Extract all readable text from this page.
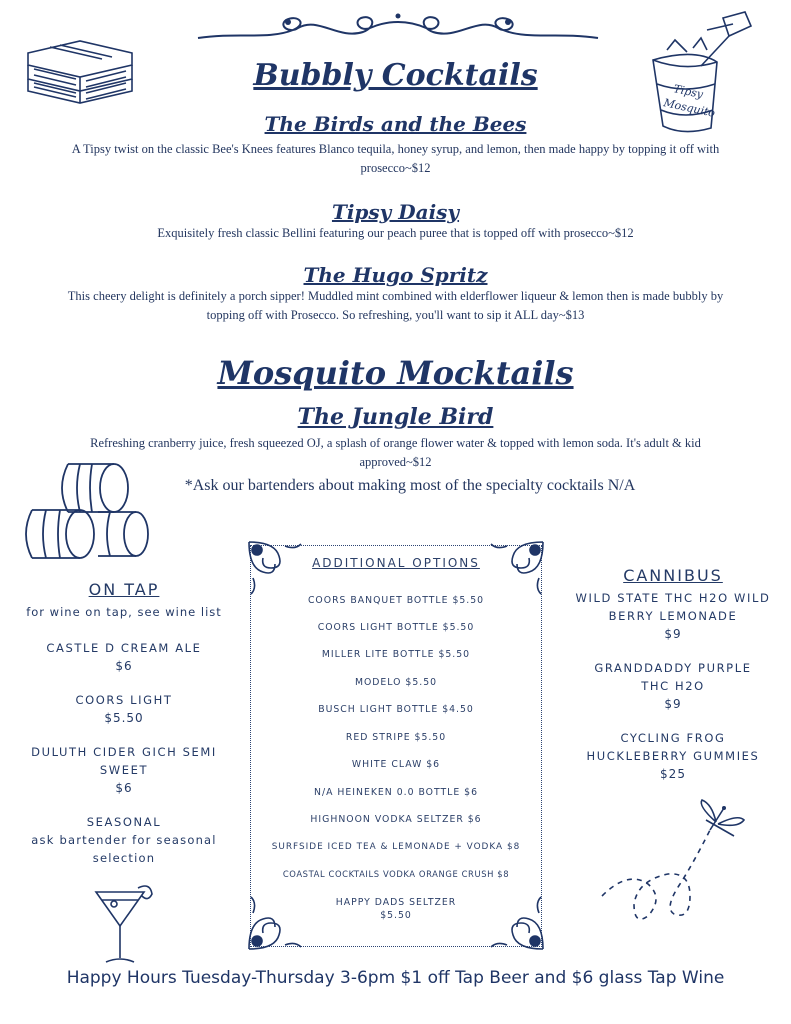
Tipsy
Mosquito
Bubbly Cocktails
The Birds and the Bees
A Tipsy twist on the classic Bee's Knees features Blanco tequila, honey syrup, and lemon, then made happy by topping it off with
prosecco~$12
Tipsy Daisy
Exquisitely fresh classic Bellini featuring our peach puree that is topped off with prosecco~$12
The Hugo Spritz
This cheery delight is definitely a porch sipper! Muddled mint combined with elderflower liqueur & lemon then is made bubbly by
topping off with Prosecco. So refreshing, you'll want to sip it ALL day~$13
Mosquito Mocktails
The Jungle Bird
Refreshing cranberry juice, fresh squeezed OJ, a splash of orange flower water & topped with lemon soda. It's adult & kid
approved~$12
*Ask our bartenders about making most of the specialty cocktails N/A
ON TAP
for wine on tap, see wine list
CASTLE D CREAM ALE
$6
COORS LIGHT
$5.50
DULUTH CIDER GICH SEMI
SWEET
$6
SEASONAL
ask bartender for seasonal
selection
ADDITIONAL OPTIONS
COORS BANQUET BOTTLE $5.50
COORS LIGHT BOTTLE $5.50
MILLER LITE BOTTLE $5.50
MODELO $5.50
BUSCH LIGHT BOTTLE $4.50
RED STRIPE $5.50
WHITE CLAW $6
N/A HEINEKEN 0.0 BOTTLE $6
HIGHNOON VODKA SELTZER $6
SURFSIDE ICED TEA & LEMONADE + VODKA $8
COASTAL COCKTAILS VODKA ORANGE CRUSH $8
HAPPY DADS SELTZER
$5.50
CANNIBUS
WILD STATE THC H2O WILD
BERRY LEMONADE
$9
GRANDDADDY PURPLE
THC H2O
$9
CYCLING FROG
HUCKLEBERRY GUMMIES
$25
Happy Hours Tuesday-Thursday 3-6pm $1 off Tap Beer and $6 glass Tap Wine
